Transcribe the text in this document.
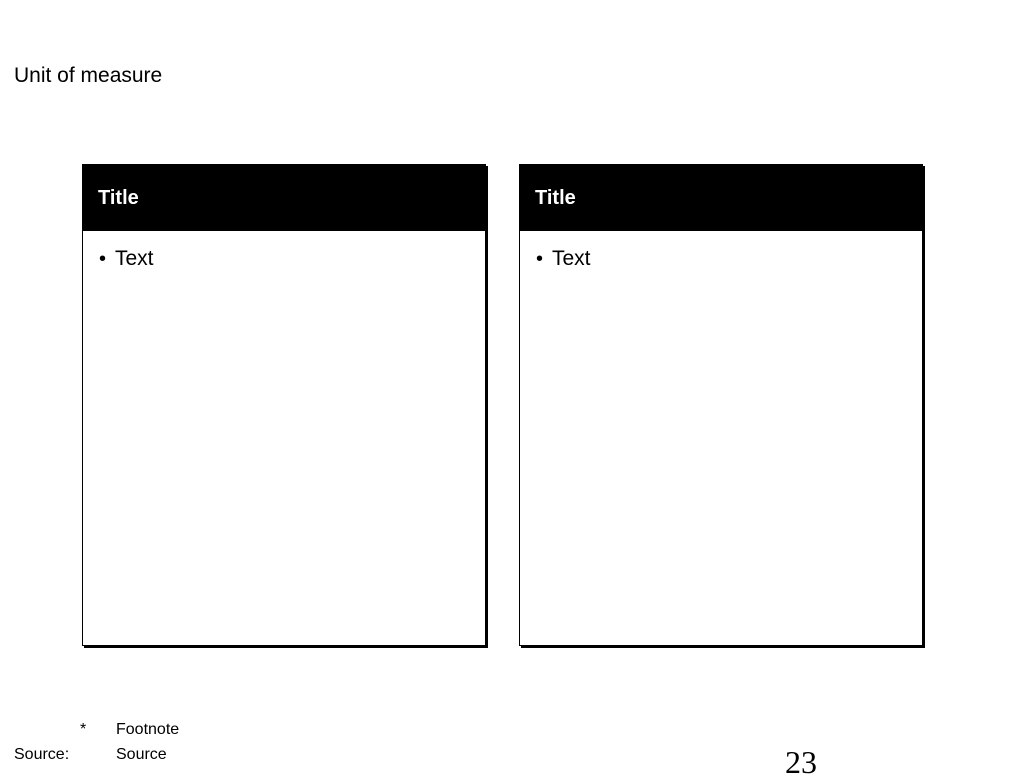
Unit of measure
Title
• Text
Title
• Text
* Footnote
Source:	Source	23
